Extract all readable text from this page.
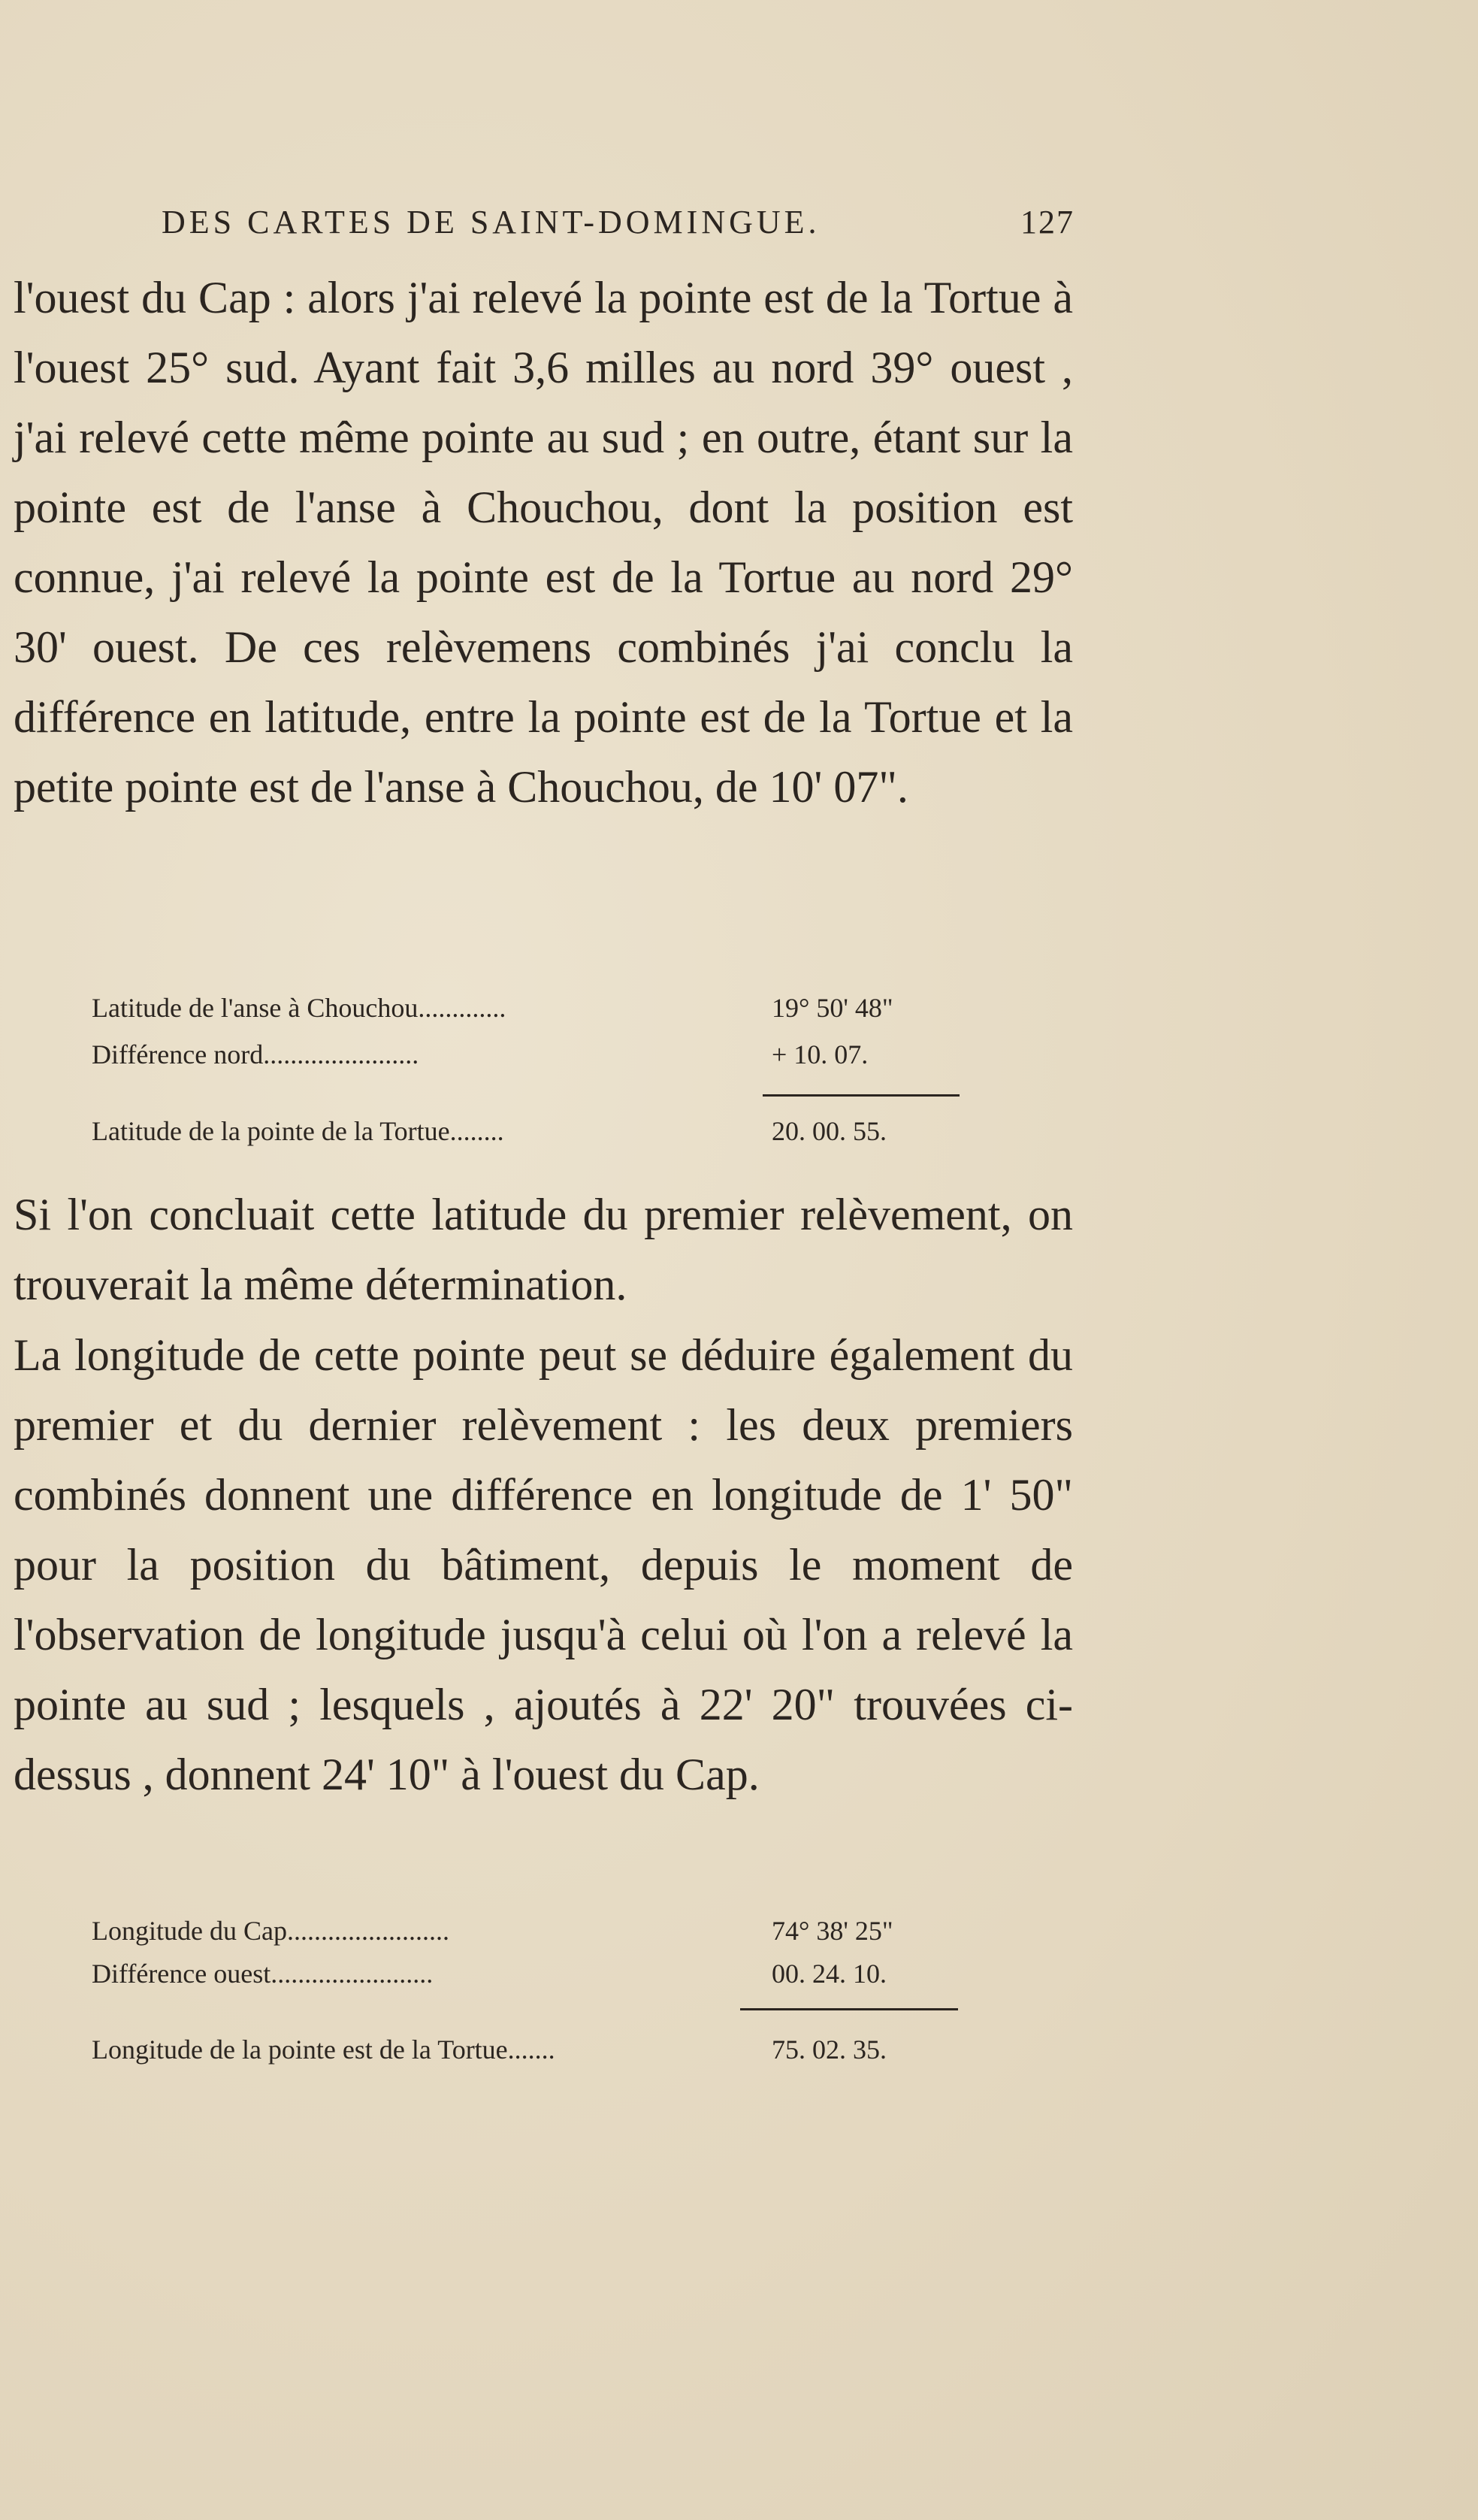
DES CARTES DE SAINT-DOMINGUE.	127

l'ouest du Cap : alors j'ai relevé la pointe est de la Tortue à l'ouest 25° sud. Ayant fait 3,6 milles au nord 39° ouest , j'ai relevé cette même pointe au sud ; en outre, étant sur la pointe est de l'anse à Chouchou, dont la position est connue, j'ai relevé la pointe est de la Tortue au nord 29° 30' ouest. De ces relèvemens combinés j'ai conclu la différence en latitude, entre la pointe est de la Tortue et la petite pointe est de l'anse à Chouchou, de 10' 07".

Latitude de l'anse à Chouchou.............	19° 50' 48"
Différence nord.......................	+ 10. 07.
Latitude de la pointe de la Tortue........	20. 00. 55.

Si l'on concluait cette latitude du premier relèvement, on trouverait la même détermination.

La longitude de cette pointe peut se déduire également du premier et du dernier relèvement : les deux premiers combinés donnent une différence en longitude de 1' 50" pour la position du bâtiment, depuis le moment de l'observation de longitude jusqu'à celui où l'on a relevé la pointe au sud ; lesquels , ajoutés à 22' 20" trouvées ci-dessus , donnent 24' 10" à l'ouest du Cap.

Longitude du Cap........................	74° 38' 25"
Différence ouest........................	00. 24. 10.
Longitude de la pointe est de la Tortue.......	75. 02. 35.
